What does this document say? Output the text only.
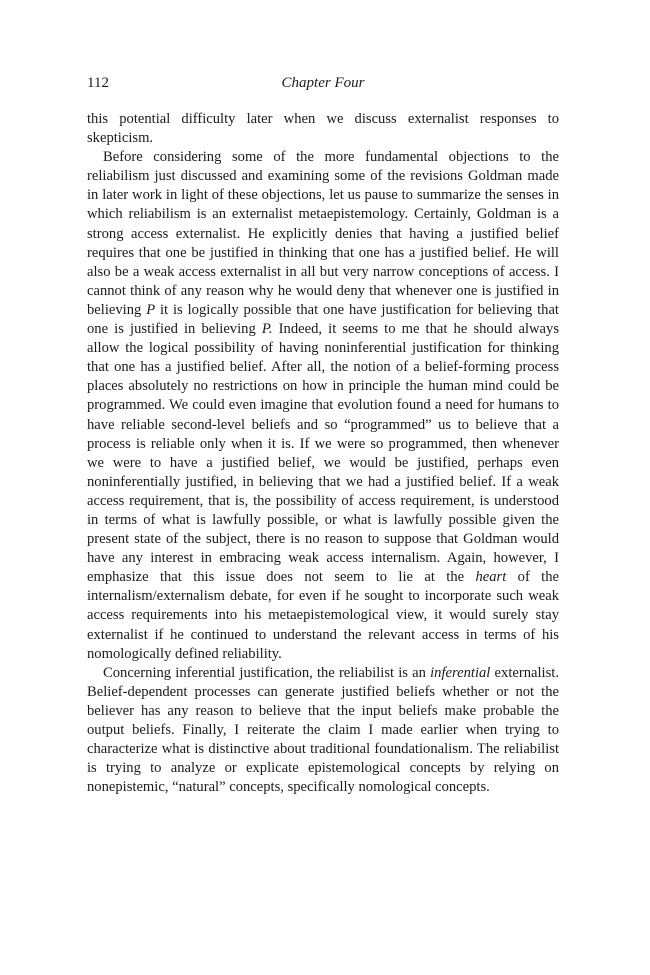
112	Chapter Four

this potential difficulty later when we discuss externalist responses to skepticism.

Before considering some of the more fundamental objections to the reliabilism just discussed and examining some of the revisions Goldman made in later work in light of these objections, let us pause to summarize the senses in which reliabilism is an externalist metaepistemology. Certainly, Goldman is a strong access externalist. He explicitly denies that having a justified belief requires that one be justified in thinking that one has a justified belief. He will also be a weak access externalist in all but very narrow conceptions of access. I cannot think of any reason why he would deny that whenever one is justified in believing P it is logically possible that one have justification for believing that one is justified in believing P. Indeed, it seems to me that he should always allow the logical possibility of having noninferential justification for thinking that one has a justified belief. After all, the notion of a belief-forming process places absolutely no restrictions on how in principle the human mind could be programmed. We could even imagine that evolution found a need for humans to have reliable second-level beliefs and so “programmed” us to believe that a process is reliable only when it is. If we were so programmed, then whenever we were to have a justified belief, we would be justified, perhaps even noninferentially justified, in believing that we had a justified belief. If a weak access requirement, that is, the possibility of access requirement, is understood in terms of what is lawfully possible, or what is lawfully possible given the present state of the subject, there is no reason to suppose that Goldman would have any interest in embracing weak access internalism. Again, however, I emphasize that this issue does not seem to lie at the heart of the internalism/externalism debate, for even if he sought to incorporate such weak access requirements into his metaepistemological view, it would surely stay externalist if he continued to understand the relevant access in terms of his nomologically defined reliability.

Concerning inferential justification, the reliabilist is an inferential externalist. Belief-dependent processes can generate justified beliefs whether or not the believer has any reason to believe that the input beliefs make probable the output beliefs. Finally, I reiterate the claim I made earlier when trying to characterize what is distinctive about traditional foundationalism. The reliabilist is trying to analyze or explicate epistemological concepts by relying on nonepistemic, “natural” concepts, specifically nomological concepts.
